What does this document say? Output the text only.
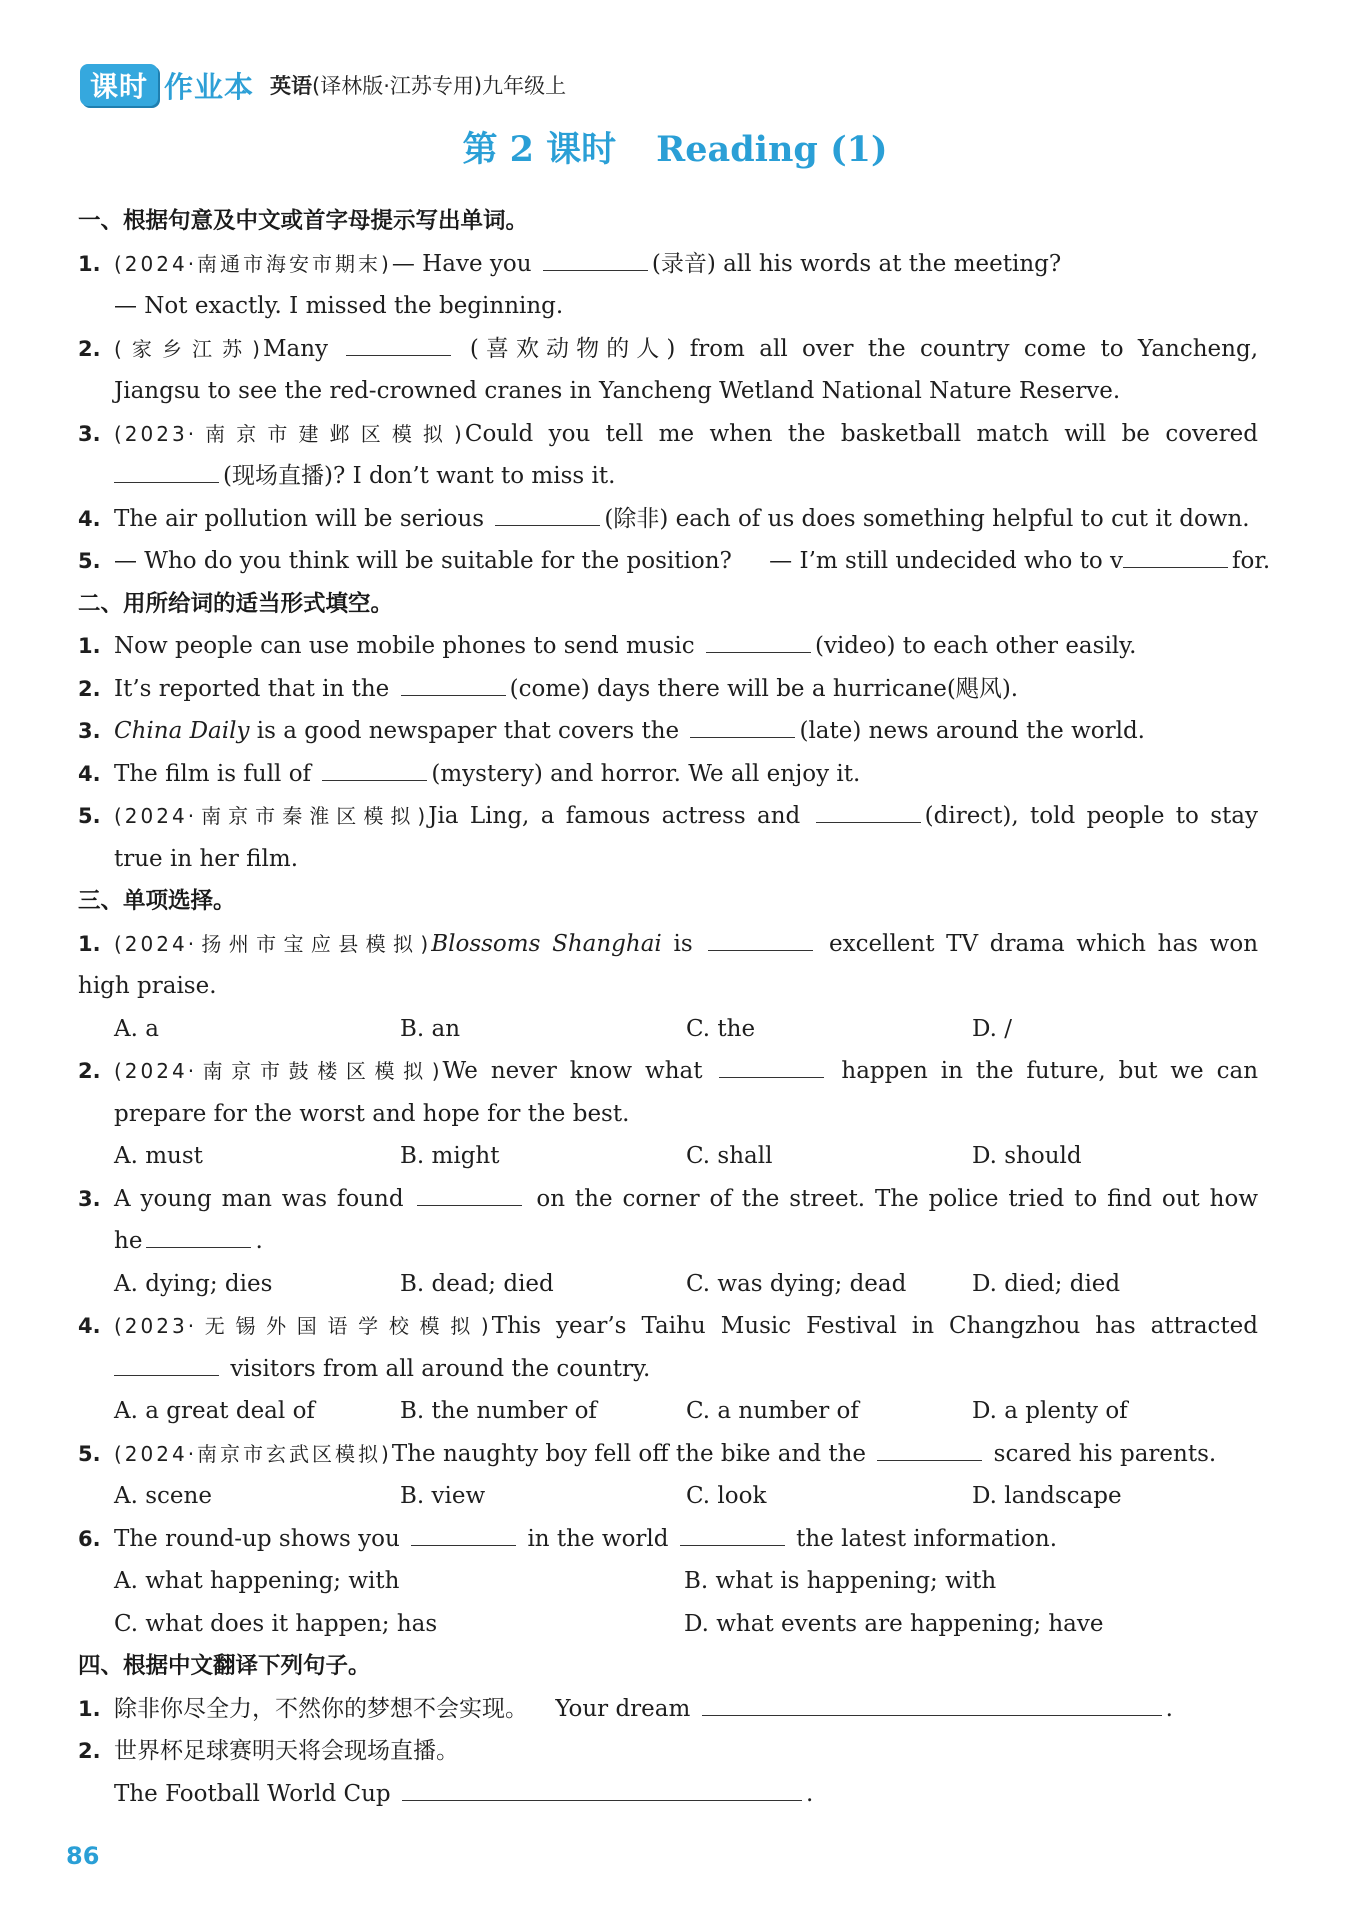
课时 作业本 英语(译林版·江苏专用)九年级上
第 2 课时 Reading (1)
一、根据句意及中文或首字母提示写出单词。
1. (2024·南通市海安市期末)— Have you	(录音) all his words at the meeting?
— Not exactly. I missed the beginning.
2. (家乡江苏)Many	(喜欢动物的人) from all over the country come to Yancheng,
Jiangsu to see the red-crowned cranes in Yancheng Wetland National Nature Reserve.
3. (2023·南京市建邺区模拟)Could you tell me when the basketball match will be covered
(现场直播)? I don’t want to miss it.
4. The air pollution will be serious	(除非) each of us does something helpful to cut it down.
5. — Who do you think will be suitable for the position? — I’m still undecided who to v	for.
二、用所给词的适当形式填空。
1. Now people can use mobile phones to send music	(video) to each other easily.
2. It’s reported that in the	(come) days there will be a hurricane(飓风).
3. China Daily is a good newspaper that covers the	(late) news around the world.
4. The film is full of	(mystery) and horror. We all enjoy it.
5. (2024·南京市秦淮区模拟)Jia Ling, a famous actress and	(direct), told people to stay
true in her film.
三、单项选择。
1. (2024·扬州市宝应县模拟)Blossoms Shanghai is	excellent TV drama which has won
high praise.
A. a	B. an	C. the	D. /
2. (2024·南京市鼓楼区模拟)We never know what	happen in the future, but we can
prepare for the worst and hope for the best.
A. must	B. might	C. shall	D. should
3. A young man was found	on the corner of the street. The police tried to find out how
he	.
A. dying; dies	B. dead; died	C. was dying; dead	D. died; died
4. (2023·无锡外国语学校模拟)This year’s Taihu Music Festival in Changzhou has attracted
visitors from all around the country.
A. a great deal of	B. the number of	C. a number of	D. a plenty of
5. (2024·南京市玄武区模拟)The naughty boy fell off the bike and the	scared his parents.
A. scene	B. view	C. look	D. landscape
6. The round-up shows you	in the world	the latest information.
A. what happening; with	B. what is happening; with
C. what does it happen; has	D. what events are happening; have
四、根据中文翻译下列句子。
1. 除非你尽全力，不然你的梦想不会实现。 Your dream	.
2. 世界杯足球赛明天将会现场直播。
The Football World Cup	.
86
